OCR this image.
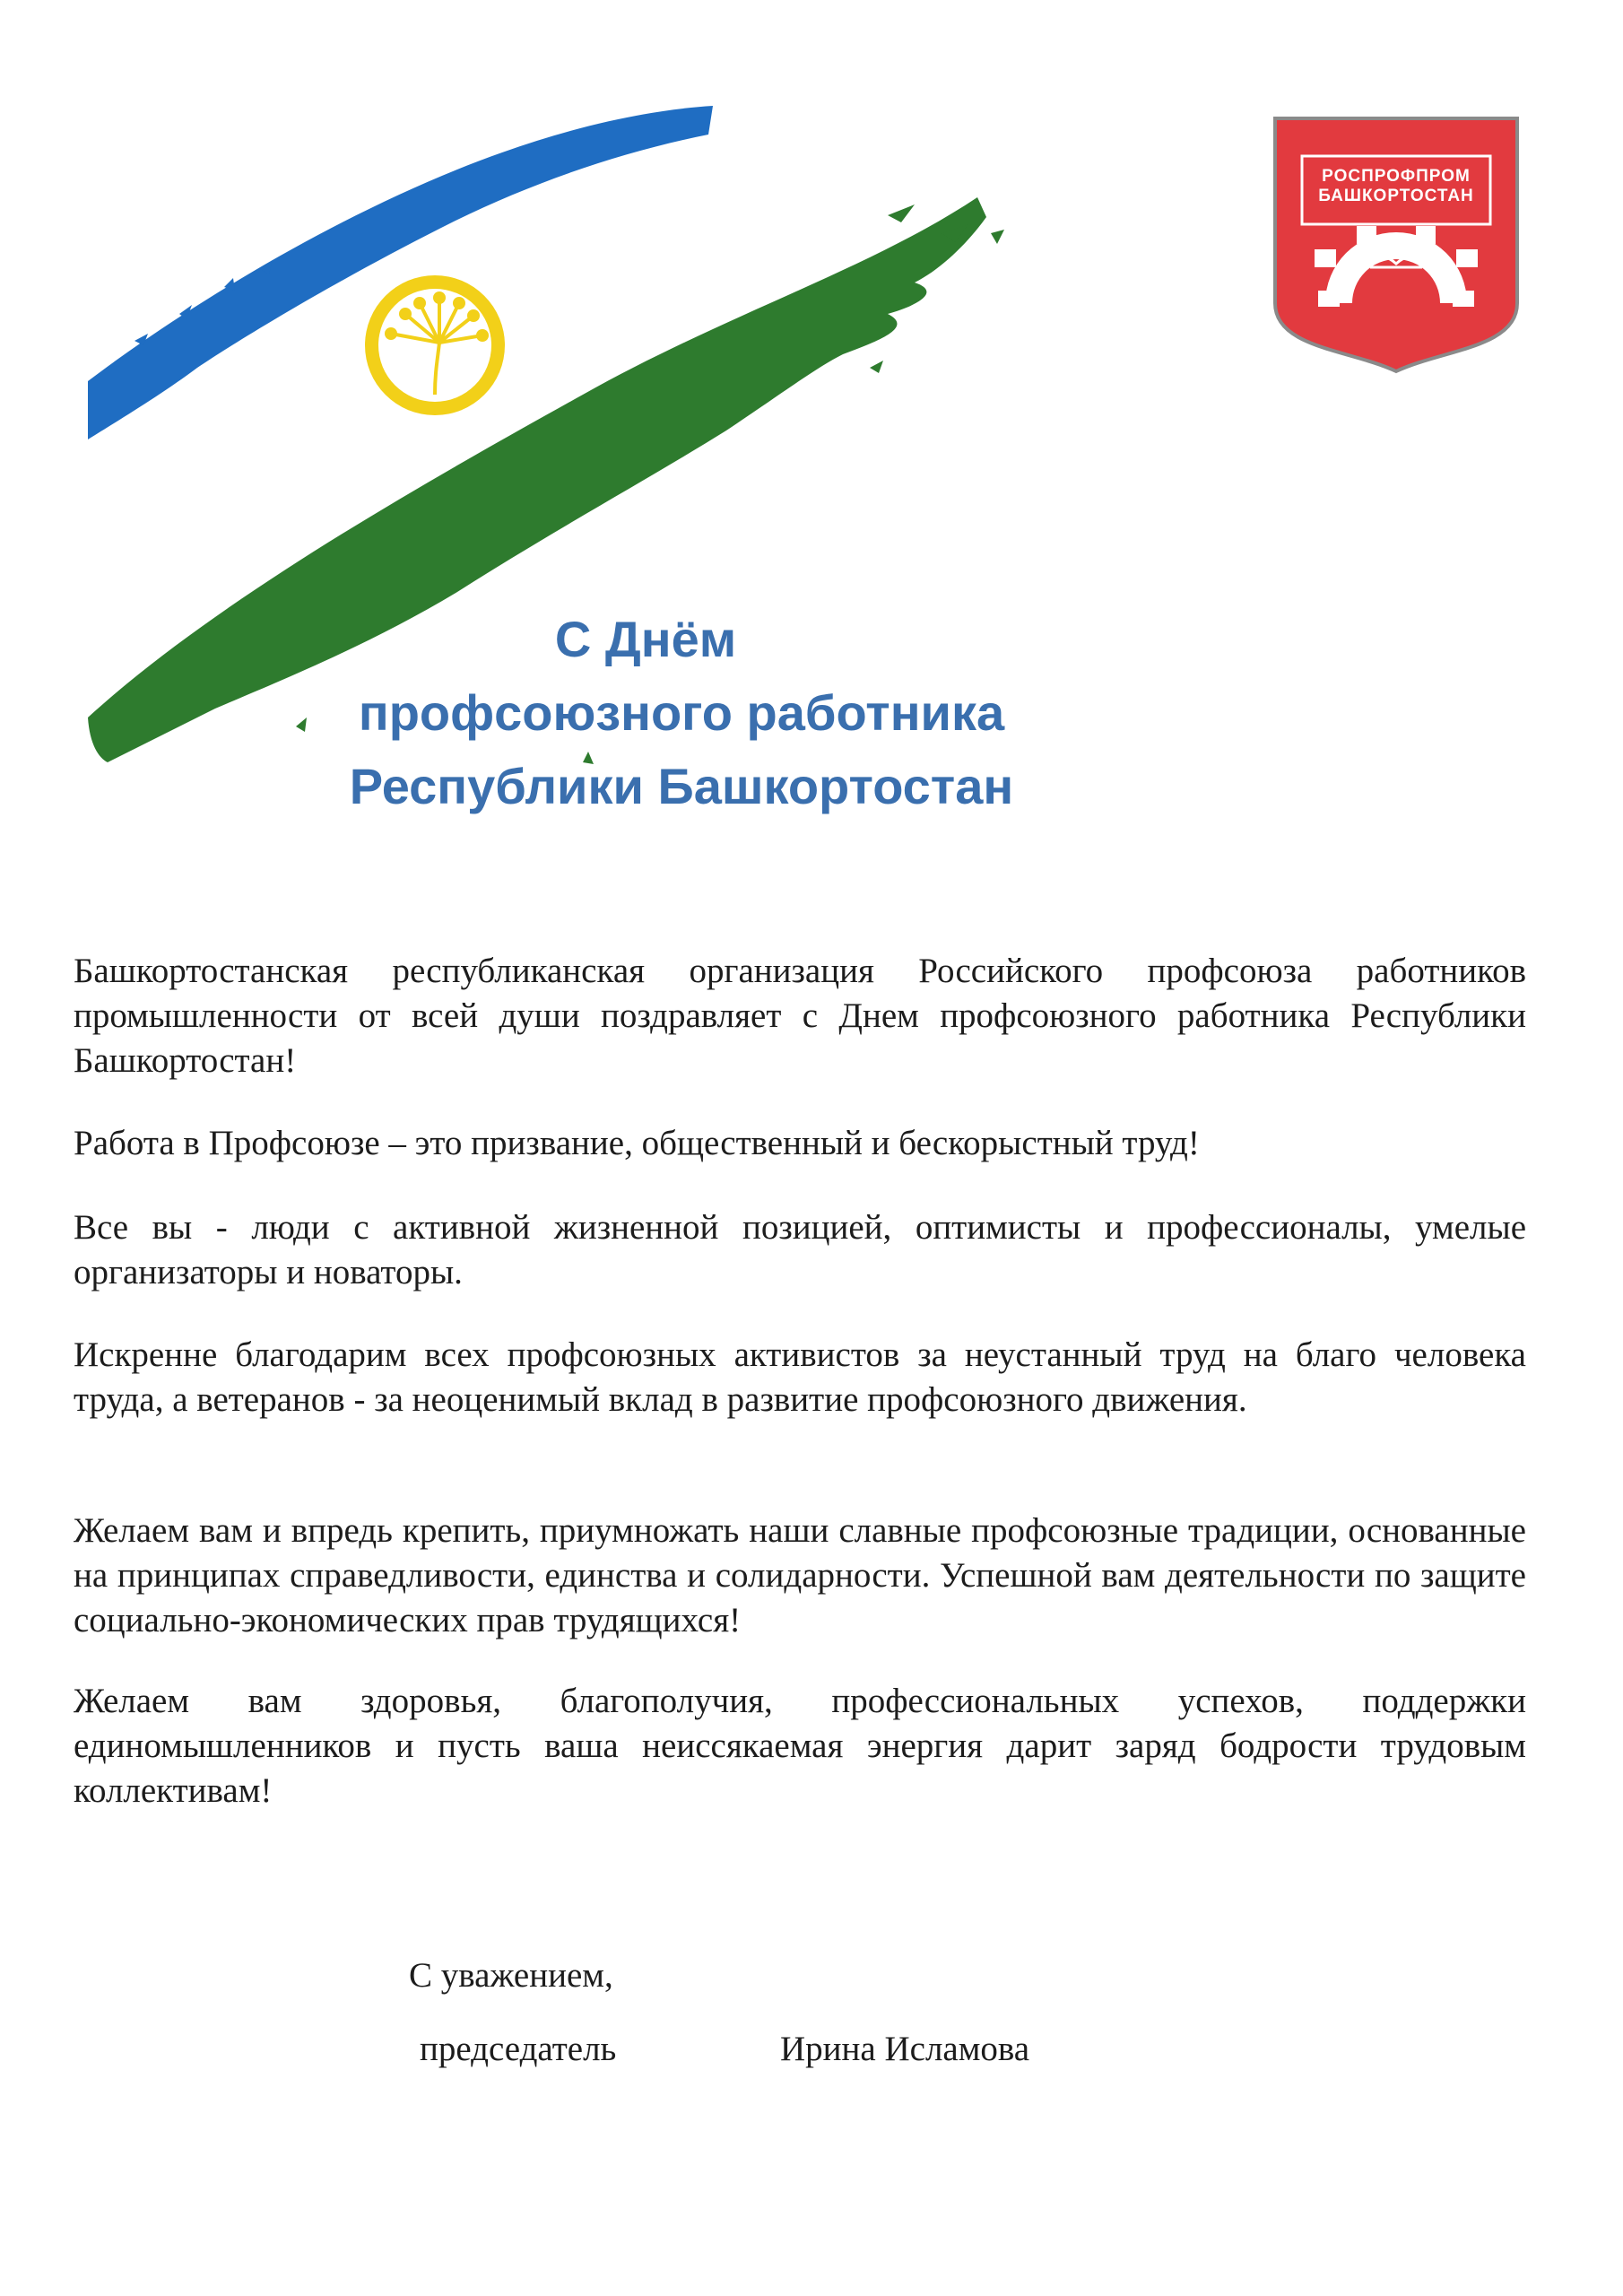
РОСПРОФПРОМ
БАШКОРТОСТАН
С Днём
профсоюзного работника
Республики Башкортостан

Башкортостанская республиканская организация Российского профсоюза работников промышленности от всей души поздравляет с Днем профсоюзного работника Республики Башкортостан!

Работа в Профсоюзе – это призвание, общественный и бескорыстный труд!

Все вы - люди с активной жизненной позицией, оптимисты и профессионалы, умелые организаторы и новаторы.

Искренне благодарим всех профсоюзных активистов за неустанный труд на благо человека труда, а ветеранов - за неоценимый вклад в развитие профсоюзного движения.

Желаем вам и впредь крепить, приумножать наши славные профсоюзные традиции, основанные на принципах справедливости, единства и солидарности. Успешной вам деятельности по защите социально-экономических прав трудящихся!

Желаем вам здоровья, благополучия, профессиональных успехов, поддержки единомышленников и пусть ваша неиссякаемая энергия дарит заряд бодрости трудовым коллективам!

С уважением,

председатель	Ирина Исламова
